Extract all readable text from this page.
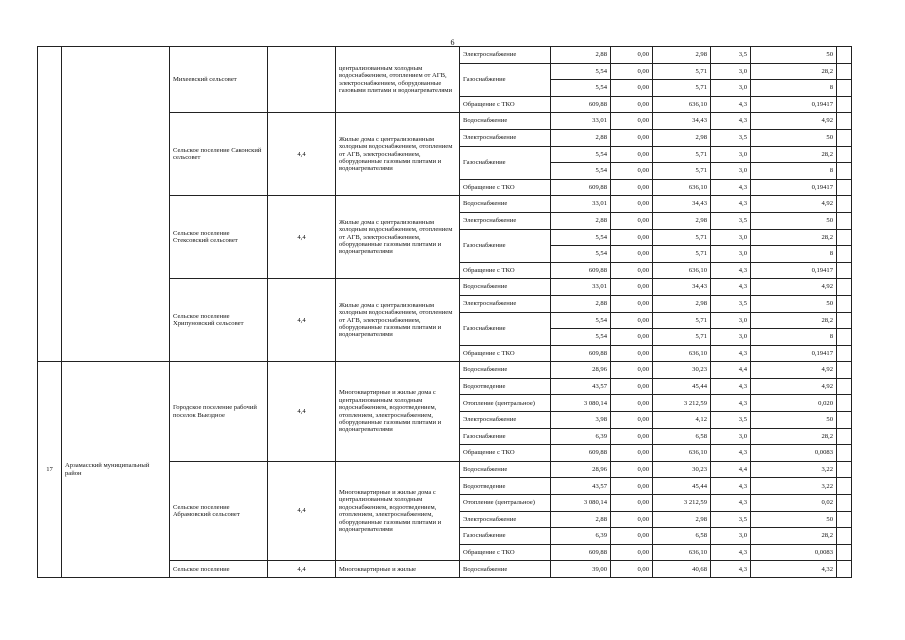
6
		Михеевский сельсовет		централизованным холодным водоснабжением, отоплением от АГВ, электроснабжением, оборудованные газовыми плитами и водонагревателями	Электроснабжение	2,88	0,00	2,98	3,5	50	
					Газоснабжение	5,54	0,00	5,71	3,0	28,2	
						5,54	0,00	5,71	3,0	8	
					Обращение с ТКО	609,88	0,00	636,10	4,3	0,19417	
		Сельское поселение Саконский сельсовет	4,4	Жилые дома с централизованным холодным водоснабжением, отоплением от АГВ, электроснабжением, оборудованные газовыми плитами и водонагревателями	Водоснабжение	33,01	0,00	34,43	4,3	4,92	
					Электроснабжение	2,88	0,00	2,98	3,5	50	
					Газоснабжение	5,54	0,00	5,71	3,0	28,2	
						5,54	0,00	5,71	3,0	8	
					Обращение с ТКО	609,88	0,00	636,10	4,3	0,19417	
		Сельское поселение Стексовский сельсовет	4,4	Жилые дома с централизованным холодным водоснабжением, отоплением от АГВ, электроснабжением, оборудованные газовыми плитами и водонагревателями	Водоснабжение	33,01	0,00	34,43	4,3	4,92	
					Электроснабжение	2,88	0,00	2,98	3,5	50	
					Газоснабжение	5,54	0,00	5,71	3,0	28,2	
						5,54	0,00	5,71	3,0	8	
					Обращение с ТКО	609,88	0,00	636,10	4,3	0,19417	
		Сельское поселение Хрипуновский сельсовет	4,4	Жилые дома с централизованным холодным водоснабжением, отоплением от АГВ, электроснабжением, оборудованные газовыми плитами и водонагревателями	Водоснабжение	33,01	0,00	34,43	4,3	4,92	
					Электроснабжение	2,88	0,00	2,98	3,5	50	
					Газоснабжение	5,54	0,00	5,71	3,0	28,2	
						5,54	0,00	5,71	3,0	8	
					Обращение с ТКО	609,88	0,00	636,10	4,3	0,19417	
17	Арзамасский муниципальный район	Городское поселение рабочий поселок Выездное	4,4	Многоквартирные и жилые дома с централизованным холодным водоснабжением, водоотведением, отоплением, электроснабжением, оборудованные газовыми плитами и водонагревателями	Водоснабжение	28,96	0,00	30,23	4,4	4,92	
					Водоотведение	43,57	0,00	45,44	4,3	4,92	
					Отопление (центральное)	3 080,14	0,00	3 212,59	4,3	0,020	
					Электроснабжение	3,98	0,00	4,12	3,5	50	
					Газоснабжение	6,39	0,00	6,58	3,0	28,2	
					Обращение с ТКО	609,88	0,00	636,10	4,3	0,0083	
		Сельское поселение Абрамовский сельсовет	4,4	Многоквартирные и жилые дома с централизованным холодным водоснабжением, водоотведением, отоплением, электроснабжением, оборудованные газовыми плитами и водонагревателями	Водоснабжение	28,96	0,00	30,23	4,4	3,22	
					Водоотведение	43,57	0,00	45,44	4,3	3,22	
					Отопление (центральное)	3 080,14	0,00	3 212,59	4,3	0,02	
					Электроснабжение	2,88	0,00	2,98	3,5	50	
					Газоснабжение	6,39	0,00	6,58	3,0	28,2	
					Обращение с ТКО	609,88	0,00	636,10	4,3	0,0083	
		Сельское поселение	4,4	Многоквартирные и жилые	Водоснабжение	39,00	0,00	40,68	4,3	4,32	
